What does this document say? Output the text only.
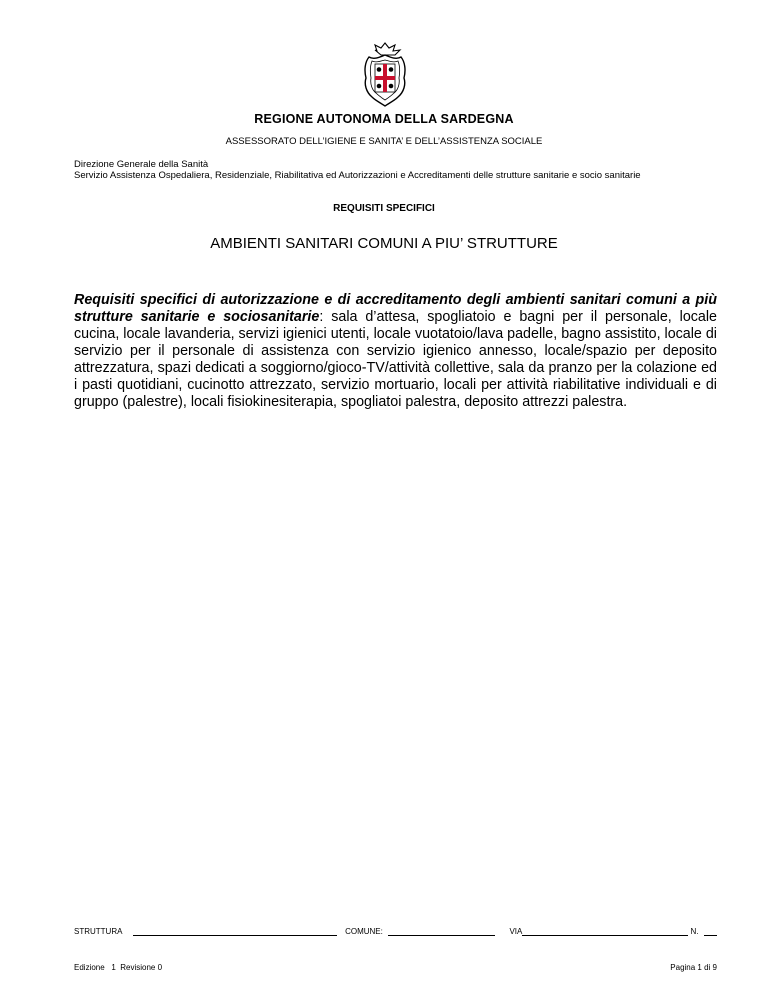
REGIONE AUTONOMA DELLA SARDEGNA
ASSESSORATO DELL’IGIENE E SANITA’ E DELL’ASSISTENZA SOCIALE
Direzione Generale della Sanità
Servizio Assistenza Ospedaliera, Residenziale, Riabilitativa ed Autorizzazioni e Accreditamenti delle strutture sanitarie e socio sanitarie
REQUISITI SPECIFICI
AMBIENTI SANITARI COMUNI A PIU’ STRUTTURE
Requisiti specifici di autorizzazione e di accreditamento degli ambienti sanitari comuni a più strutture sanitarie e sociosanitarie: sala d’attesa, spogliatoio e bagni per il personale, locale cucina, locale lavanderia, servizi igienici utenti, locale vuotatoio/lava padelle, bagno assistito, locale di servizio per il personale di assistenza con servizio igienico annesso, locale/spazio per deposito attrezzatura, spazi dedicati a soggiorno/gioco-TV/attività collettive, sala da pranzo per la colazione ed i pasti quotidiani, cucinotto attrezzato, servizio mortuario, locali per attività riabilitative individuali e di gruppo (palestre), locali fisiokinesiterapia, spogliatoi palestra, deposito attrezzi palestra.
STRUTTURA	COMUNE:	VIA	N.
Edizione   1  Revisione 0	Pagina 1 di 9
